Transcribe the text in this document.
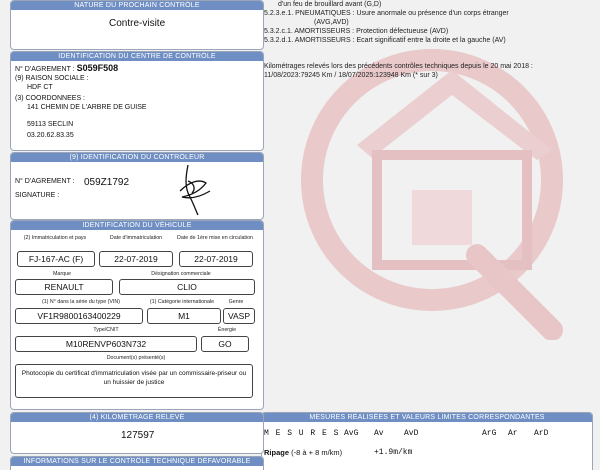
d'un feu de brouillard avant (G,D)
5.2.3.e.1. PNEUMATIQUES : Usure anormale ou présence d'un corps étranger
(AVG,AVD)
5.3.2.c.1. AMORTISSEURS : Protection défectueuse (AVD)
5.3.2.d.1. AMORTISSEURS : Ecart significatif entre la droite et la gauche (AV)
Kilométrages relevés lors des précédents contrôles techniques depuis le 20 mai 2018 :
11/08/2023:79245 Km / 18/07/2025:123948 Km (* sur 3)
MESURES RÉALISÉES ET VALEURS LIMITES CORRESPONDANTES
M E S U R E S AvG Av	AvD	ArG Ar ArD
Ripage (-8 à + 8 m/km)	+1.9m/km
NATURE DU PROCHAIN CONTRÔLE
Contre-visite
IDENTIFICATION DU CENTRE DE CONTRÔLE
N° D'AGREMENT : S059F508
(9) RAISON SOCIALE :
HDF CT
(3) COORDONNEES :
141 CHEMIN DE L'ARBRE DE GUISE
59113 SECLIN
03.20.62.83.35
(9) IDENTIFICATION DU CONTRÔLEUR
N° D'AGREMENT : 059Z1792
SIGNATURE :
IDENTIFICATION DU VÉHICULE
(2) Immatriculation et pays	Date d'immatriculation	Date de 1ère mise en circulation
FJ-167-AC (F)	22-07-2019	22-07-2019
Marque	Désignation commerciale
RENAULT	CLIO
(1) N° dans la série du type (VIN)	(1) Catégorie internationale	Genre
VF1R9800163400229	M1	VASP
Type/CNIT	Énergie
M10RENVP603N732	GO
Document(s) présenté(s)
Photocopie du certificat d'immatriculation visée par un commissaire-priseur ou un huissier de justice
(4) KILOMÉTRAGE RELEVÉ
127597
INFORMATIONS SUR LE CONTRÔLE TECHNIQUE DÉFAVORABLE
